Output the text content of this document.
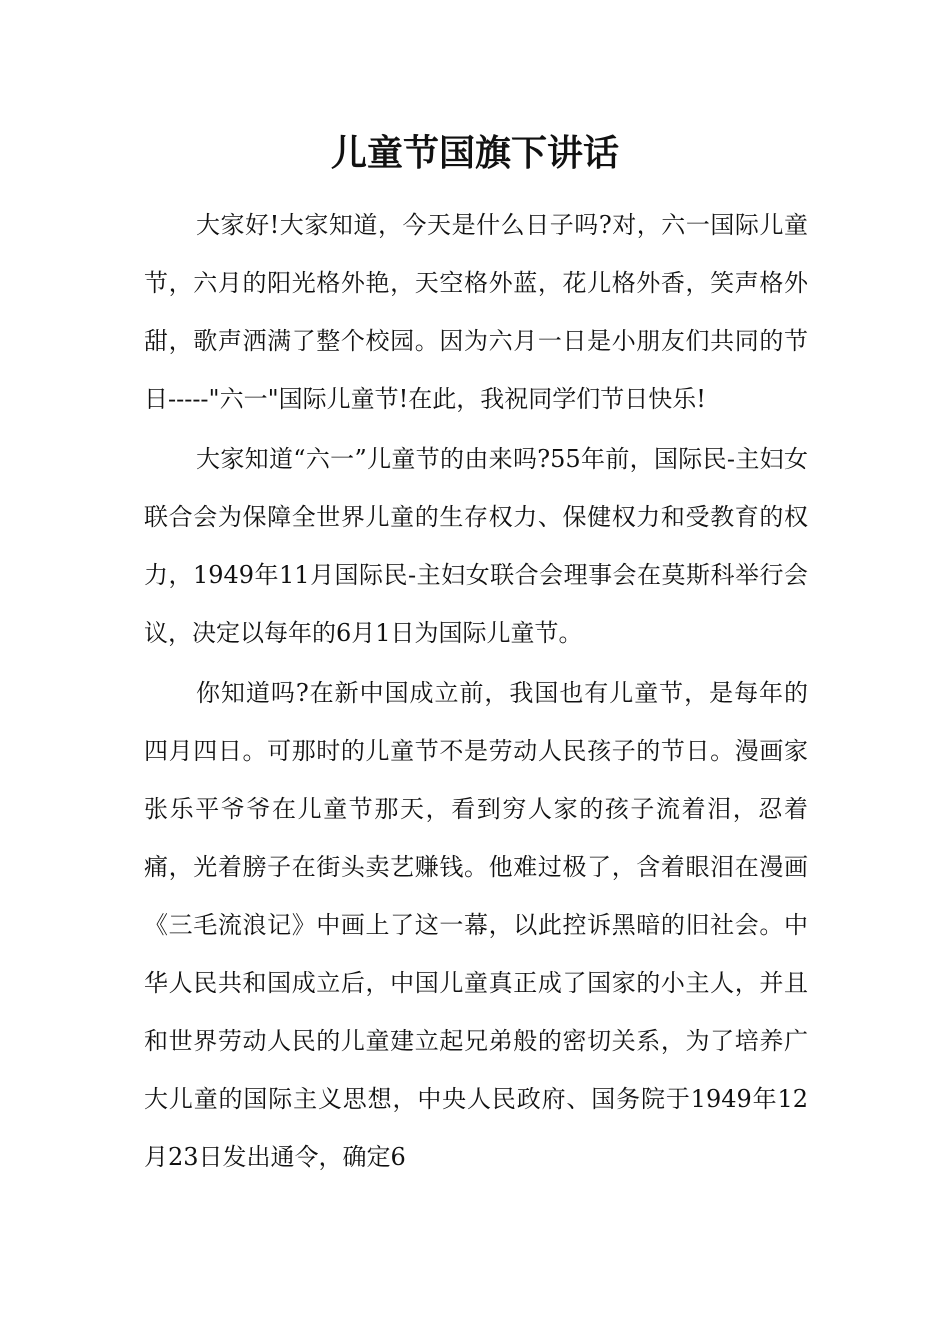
儿童节国旗下讲话

大家好!大家知道，今天是什么日子吗?对，六一国际儿童节，六月的阳光格外艳，天空格外蓝，花儿格外香，笑声格外甜，歌声洒满了整个校园。因为六月一日是小朋友们共同的节日-----"六一"国际儿童节!在此，我祝同学们节日快乐!

大家知道“六一”儿童节的由来吗?55年前，国际民-主妇女联合会为保障全世界儿童的生存权力、保健权力和受教育的权力，1949年11月国际民-主妇女联合会理事会在莫斯科举行会议，决定以每年的6月1日为国际儿童节。

你知道吗?在新中国成立前，我国也有儿童节，是每年的四月四日。可那时的儿童节不是劳动人民孩子的节日。漫画家张乐平爷爷在儿童节那天，看到穷人家的孩子流着泪，忍着痛，光着膀子在街头卖艺赚钱。他难过极了，含着眼泪在漫画《三毛流浪记》中画上了这一幕，以此控诉黑暗的旧社会。中华人民共和国成立后，中国儿童真正成了国家的小主人，并且和世界劳动人民的儿童建立起兄弟般的密切关系，为了培养广大儿童的国际主义思想，中央人民政府、国务院于1949年12月23日发出通令，确定6
